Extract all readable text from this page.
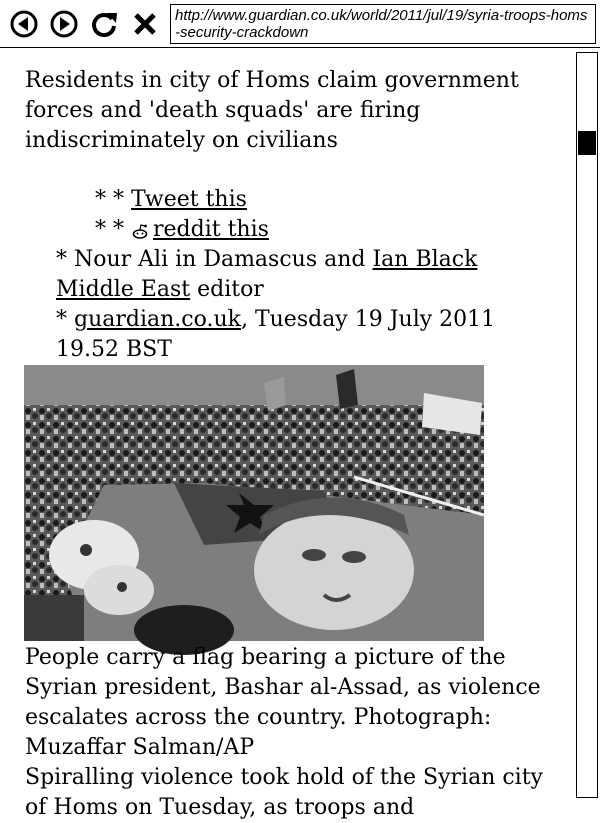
http://www.guardian.co.uk/world/2011/jul/19/syria-troops-homs-security-crackdown

Residents in city of Homs claim government forces and 'death squads' are firing indiscriminately on civilians

* * Tweet this

* * reddit this

* Nour Ali in Damascus and Ian Black Middle East editor

* guardian.co.uk, Tuesday 19 July 2011 19.52 BST

People carry a flag bearing a picture of the Syrian president, Bashar al-Assad, as violence escalates across the country. Photograph: Muzaffar Salman/AP
Spiralling violence took hold of the Syrian city of Homs on Tuesday, as troops and
